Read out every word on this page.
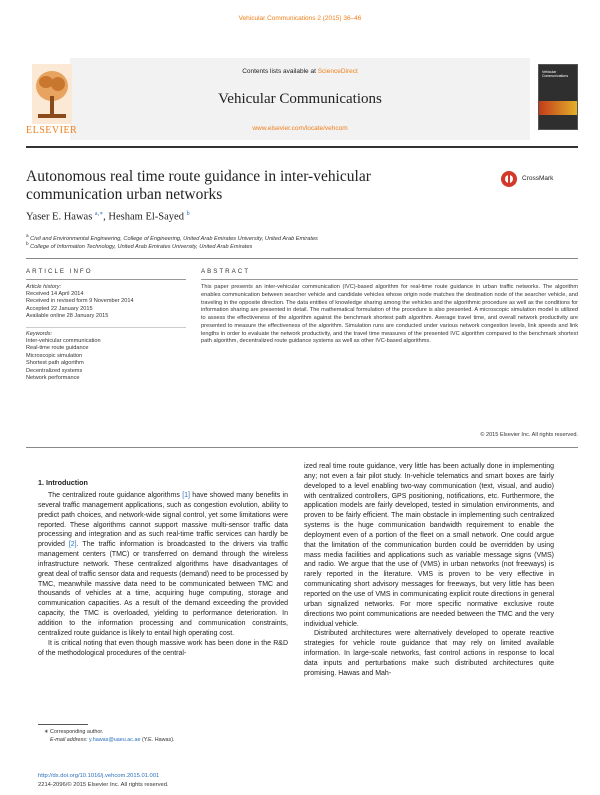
Vehicular Communications 2 (2015) 36–46
Contents lists available at ScienceDirect
Vehicular Communications
www.elsevier.com/locate/vehcom
ELSEVIER
Vehicular Communications
Autonomous real time route guidance in inter-vehicular
communication urban networks
CrossMark
Yaser E. Hawas $^{a,∗}$, Hesham El-Sayed $^b$
$^a$ Civil and Environmental Engineering, College of Engineering, United Arab Emirates University, United Arab Emirates
$^b$ College of Information Technology, United Arab Emirates University, United Arab Emirates
ARTICLE INFO
Article history:
Received 14 April 2014
Received in revised form 9 November 2014
Accepted 22 January 2015
Available online 28 January 2015
Keywords:
Inter-vehicular communication
Real-time route guidance
Microscopic simulation
Shortest path algorithm
Decentralized systems
Network performance
ABSTRACT
This paper presents an inter-vehicular communication (IVC)-based algorithm for real-time route guidance in urban traffic networks. The algorithm enables communication between searcher vehicle and candidate vehicles whose origin node matches the destination node of the searcher vehicle, and traveling in the opposite direction. The data entities of knowledge sharing among the vehicles and the algorithmic procedure as well as the conditions for information sharing are presented in detail. The mathematical formulation of the procedure is also presented. A microscopic simulation model is utilized to assess the effectiveness of the algorithm against the benchmark shortest path algorithm. Average travel time, and overall network productivity are presented to measure the effectiveness of the algorithm. Simulation runs are conducted under various network congestion levels, link speeds and link lengths in order to evaluate the network productivity, and the travel time measures of the presented IVC algorithm compared to the benchmark shortest path algorithm, decentralized route guidance systems as well as other IVC-based algorithms.
© 2015 Elsevier Inc. All rights reserved.
1. Introduction

The centralized route guidance algorithms [1] have showed many benefits in several traffic management applications, such as congestion evolution, ability to predict path choices, and network-wide signal control, yet some limitations were reported. These algorithms cannot support massive multi-sensor traffic data processing and integration and as such real-time traffic services can hardly be provided [2]. The traffic information is broadcasted to the drivers via traffic management centers (TMC) or transferred on demand through the wireless infrastructure network. These centralized algorithms have disadvantages of great deal of traffic sensor data and requests (demand) need to be processed by TMC, meanwhile massive data need to be communicated between TMC and thousands of vehicles at a time, acquiring huge computing, storage and communication capacities. As a result of the demand exceeding the provided capacity, the TMC is overloaded, yielding to performance deterioration. In addition to the information processing and communication constraints, centralized route guidance is likely to entail high operating cost.

It is critical noting that even though massive work has been done in the R&D of the methodological procedures of the central-

ized real time route guidance, very little has been actually done in implementing any; not even a fair pilot study. In-vehicle telematics and smart boxes are fairly developed to a level enabling two-way communication (text, visual, and audio) with centralized controllers, GPS positioning, notifications, etc. Furthermore, the application models are fairly developed, tested in simulation environments, and proven to be fairly efficient. The main obstacle in implementing such centralized systems is the huge communication bandwidth requirement to enable the deployment even of a portion of the fleet on a small network. One could argue that the limitation of the communication burden could be overridden by using mass media facilities and applications such as variable message signs (VMS) and radio. We argue that the use of (VMS) in urban networks (not freeways) is rarely reported in the literature. VMS is proven to be very effective in communicating short advisory messages for freeways, but very little has been reported on the use of VMS in communicating explicit route directions in general urban signalized networks. For more specific normative exclusive route directions two point communications are needed between the TMC and the very individual vehicle.

Distributed architectures were alternatively developed to operate reactive strategies for vehicle route guidance that may rely on limited available information. In large-scale networks, fast control actions in response to local data inputs and perturbations make such distributed architectures quite promising. Hawas and Mah-

∗ Corresponding author.
E-mail address: y.hawas@uaeu.ac.ae (Y.E. Hawas).
http://dx.doi.org/10.1016/j.vehcom.2015.01.001
2214-2096/© 2015 Elsevier Inc. All rights reserved.
